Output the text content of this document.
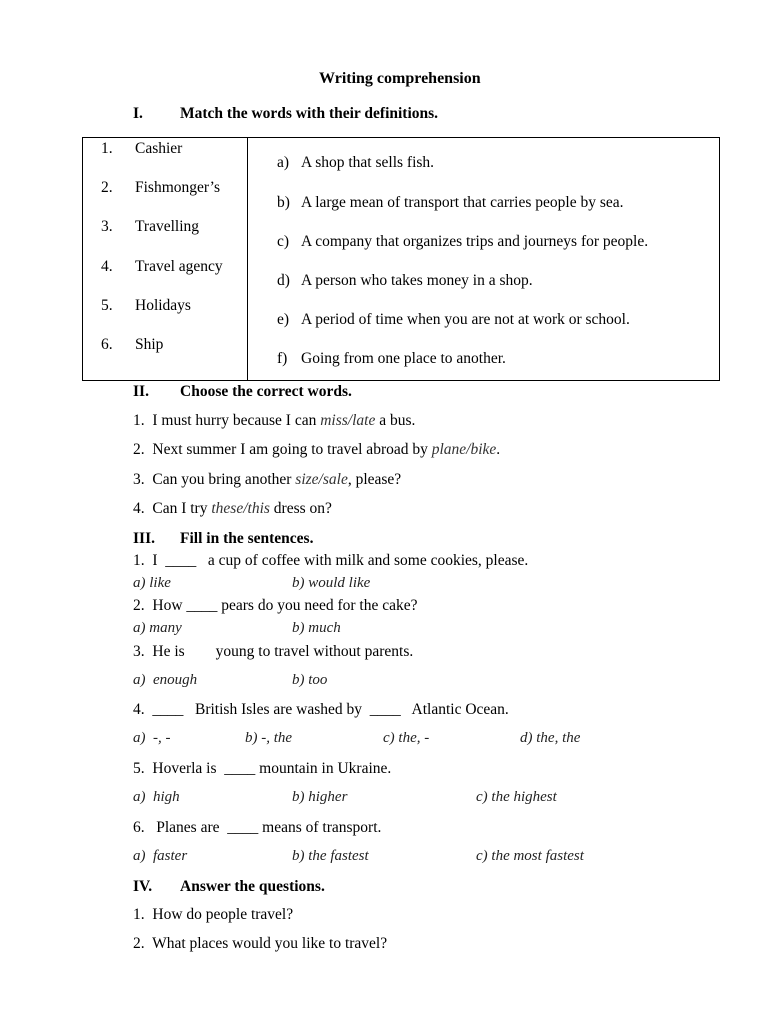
Writing comprehension
I. Match the words with their definitions.
1. Cashier
2. Fishmonger’s
3. Travelling
4. Travel agency
5. Holidays
6. Ship
a) A shop that sells fish.
b) A large mean of transport that carries people by sea.
c) A company that organizes trips and journeys for people.
d) A person who takes money in a shop.
e) A period of time when you are not at work or school.
f) Going from one place to another.
II. Choose the correct words.
1. I must hurry because I can miss/late a bus.
2. Next summer I am going to travel abroad by plane/bike.
3. Can you bring another size/sale, please?
4. Can I try these/this dress on?
III. Fill in the sentences.
1.  I  ____   a cup of coffee with milk and some cookies, please.
a) like	b) would like
2.  How ____ pears do you need for the cake?
a) many	b) much
3.  He is        young to travel without parents.
a)  enough	b) too
4.  ____   British Isles are washed by  ____   Atlantic Ocean.
a)  -, -	b) -, the	c) the, -	d) the, the
5.  Hoverla is  ____ mountain in Ukraine.
a)  high	b) higher	c) the highest
6.   Planes are  ____ means of transport.
a)  faster	b) the fastest	c) the most fastest
IV. Answer the questions.
1. How do people travel?
2. What places would you like to travel?
